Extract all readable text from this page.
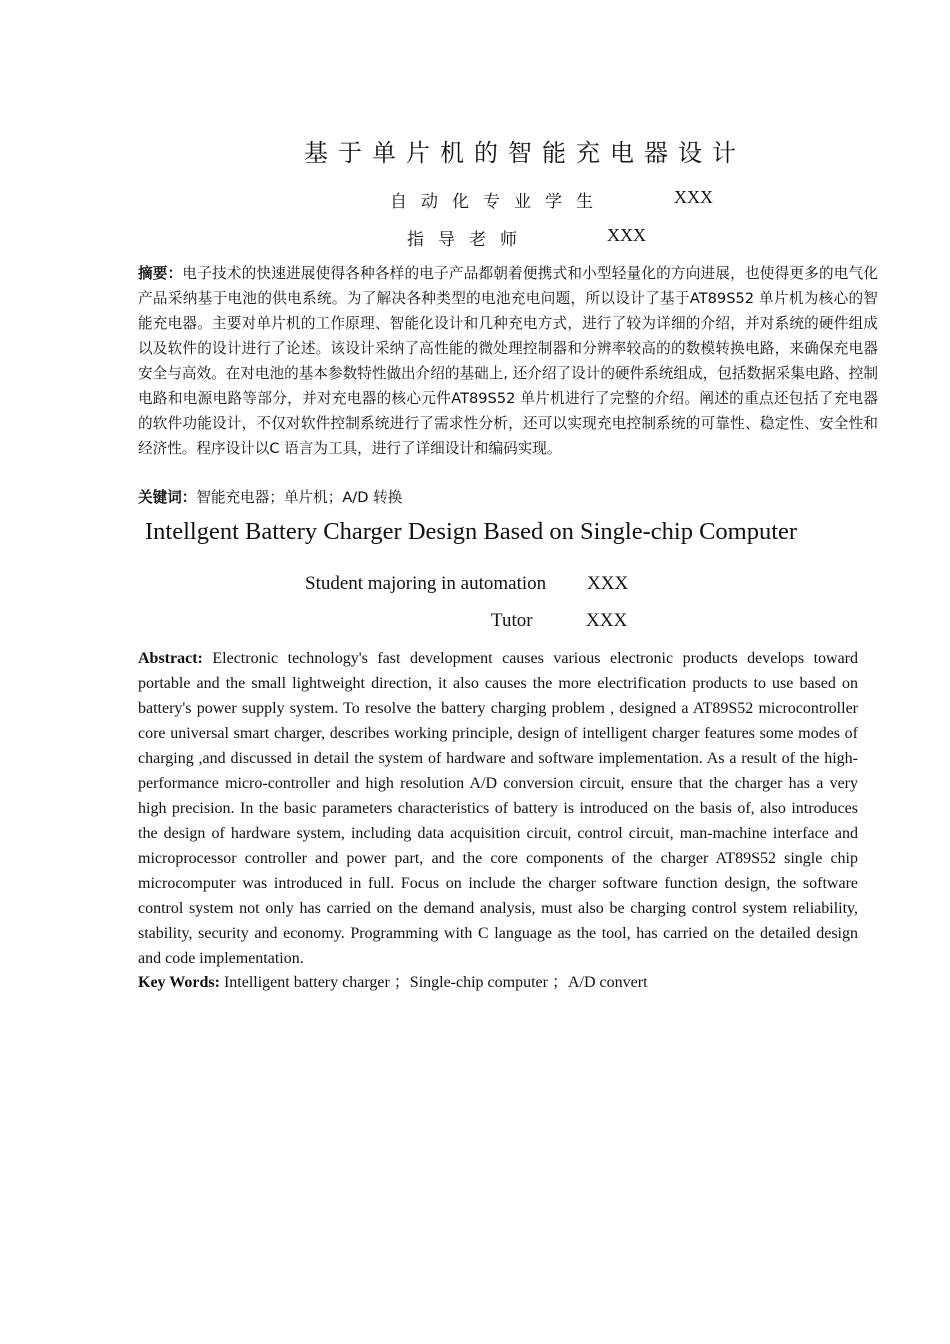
基于单片机的智能充电器设计
自动化专业学生	XXX
指导老师	XXX
摘要：电子技术的快速进展使得各种各样的电子产品都朝着便携式和小型轻量化的方向进展，也使得更多的电气化产品采纳基于电池的供电系统。为了解决各种类型的电池充电问题，所以设计了基于AT89S52 单片机为核心的智能充电器。主要对单片机的工作原理、智能化设计和几种充电方式，进行了较为详细的介绍，并对系统的硬件组成以及软件的设计进行了论述。该设计采纳了高性能的微处理控制器和分辨率较高的的数模转换电路，来确保充电器安全与高效。在对电池的基本参数特性做出介绍的基础上, 还介绍了设计的硬件系统组成，包括数据采集电路、控制电路和电源电路等部分，并对充电器的核心元件AT89S52 单片机进行了完整的介绍。阐述的重点还包括了充电器的软件功能设计，不仅对软件控制系统进行了需求性分析，还可以实现充电控制系统的可靠性、稳定性、安全性和经济性。程序设计以C 语言为工具，进行了详细设计和编码实现。
关键词：智能充电器；单片机；A/D 转换
Intellgent Battery Charger Design Based on Single-chip Computer
Student majoring in automation XXX
Tutor	XXX
Abstract: Electronic technology's fast development causes various electronic products develops toward portable and the small lightweight direction, it also causes the more electrification products to use based on battery's power supply system. To resolve the battery charging problem , designed a AT89S52 microcontroller core universal smart charger, describes working principle, design of intelligent charger features some modes of charging ,and discussed in detail the system of hardware and software implementation. As a result of the high-performance micro-controller and high resolution A/D conversion circuit, ensure that the charger has a very high precision. In the basic parameters characteristics of battery is introduced on the basis of, also introduces the design of hardware system, including data acquisition circuit, control circuit, man-machine interface and microprocessor controller and power part, and the core components of the charger AT89S52 single chip microcomputer was introduced in full. Focus on include the charger software function design, the software control system not only has carried on the demand analysis, must also be charging control system reliability, stability, security and economy. Programming with C language as the tool, has carried on the detailed design and code implementation.
Key Words: Intelligent battery charger ；Single-chip computer ；A/D convert
